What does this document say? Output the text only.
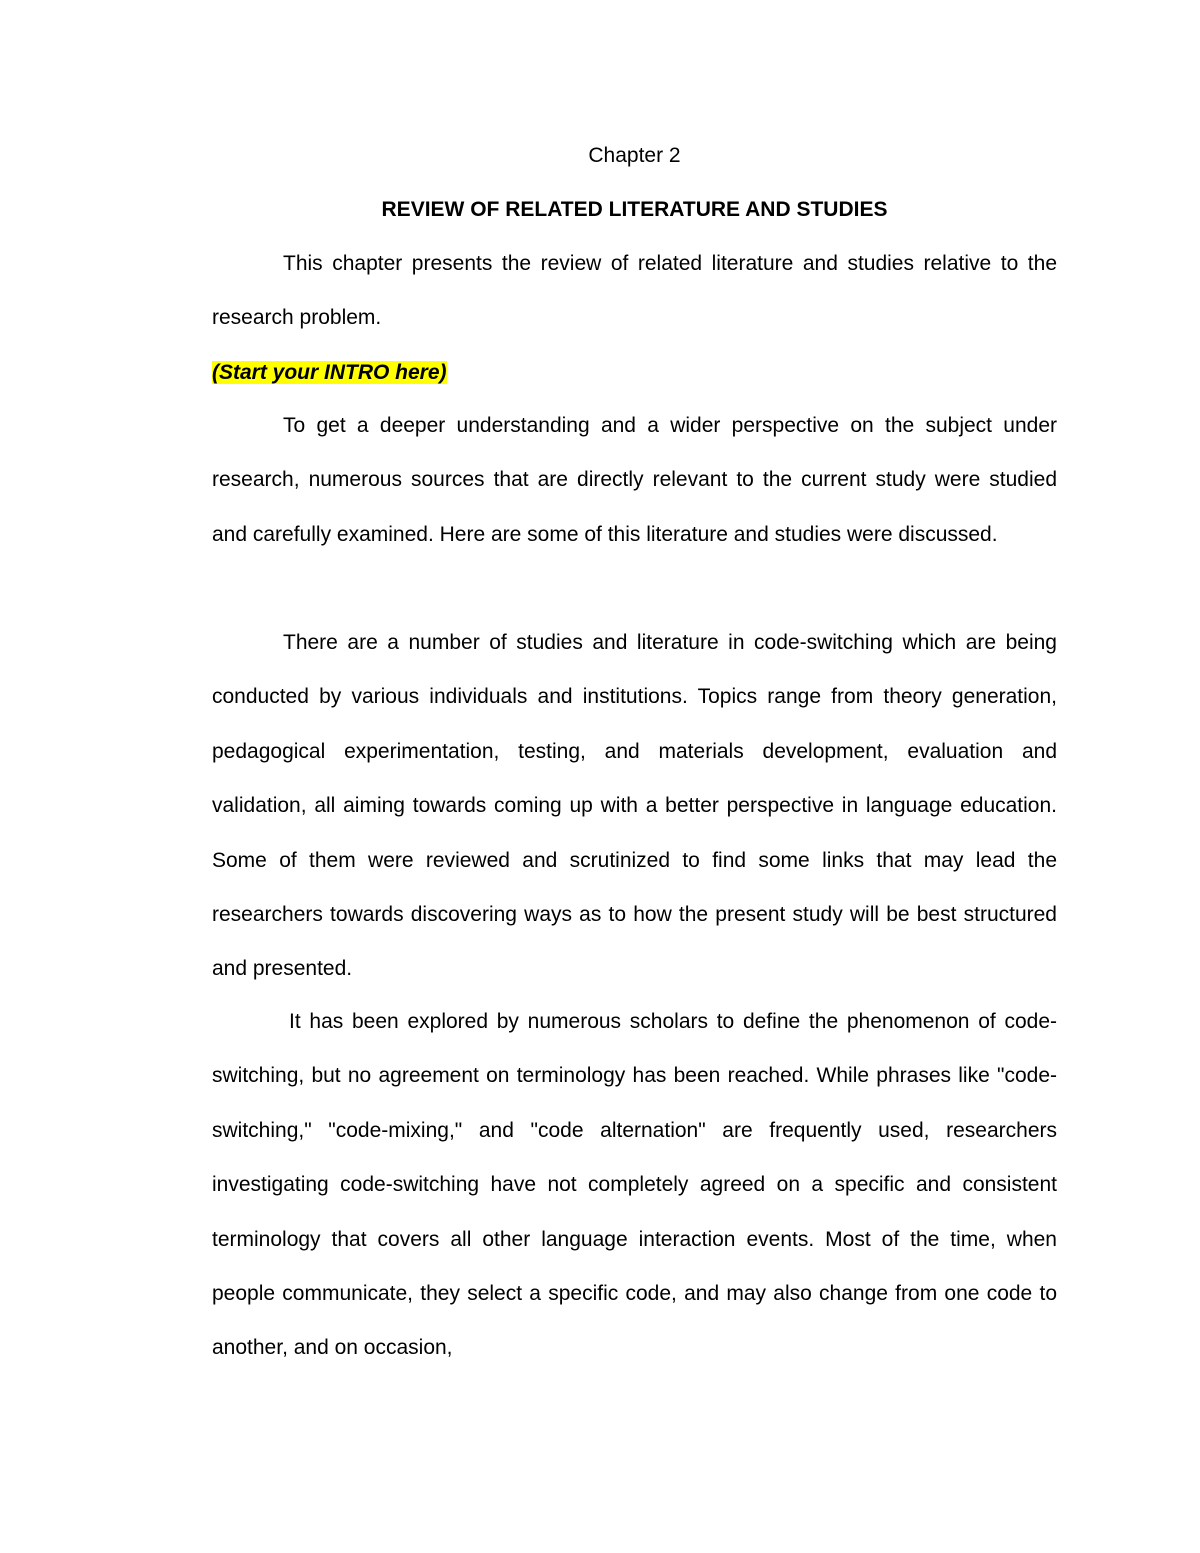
Chapter 2
REVIEW OF RELATED LITERATURE AND STUDIES

This chapter presents the review of related literature and studies relative to the research problem.

(Start your INTRO here)

To get a deeper understanding and a wider perspective on the subject under research, numerous sources that are directly relevant to the current study were studied and carefully examined. Here are some of this literature and studies were discussed.

There are a number of studies and literature in code-switching which are being conducted by various individuals and institutions. Topics range from theory generation, pedagogical experimentation, testing, and materials development, evaluation and validation, all aiming towards coming up with a better perspective in language education. Some of them were reviewed and scrutinized to find some links that may lead the researchers towards discovering ways as to how the present study will be best structured and presented.

It has been explored by numerous scholars to define the phenomenon of code-switching, but no agreement on terminology has been reached. While phrases like "code-switching," "code-mixing," and "code alternation" are frequently used, researchers investigating code-switching have not completely agreed on a specific and consistent terminology that covers all other language interaction events. Most of the time, when people communicate, they select a specific code, and may also change from one code to another, and on occasion,
